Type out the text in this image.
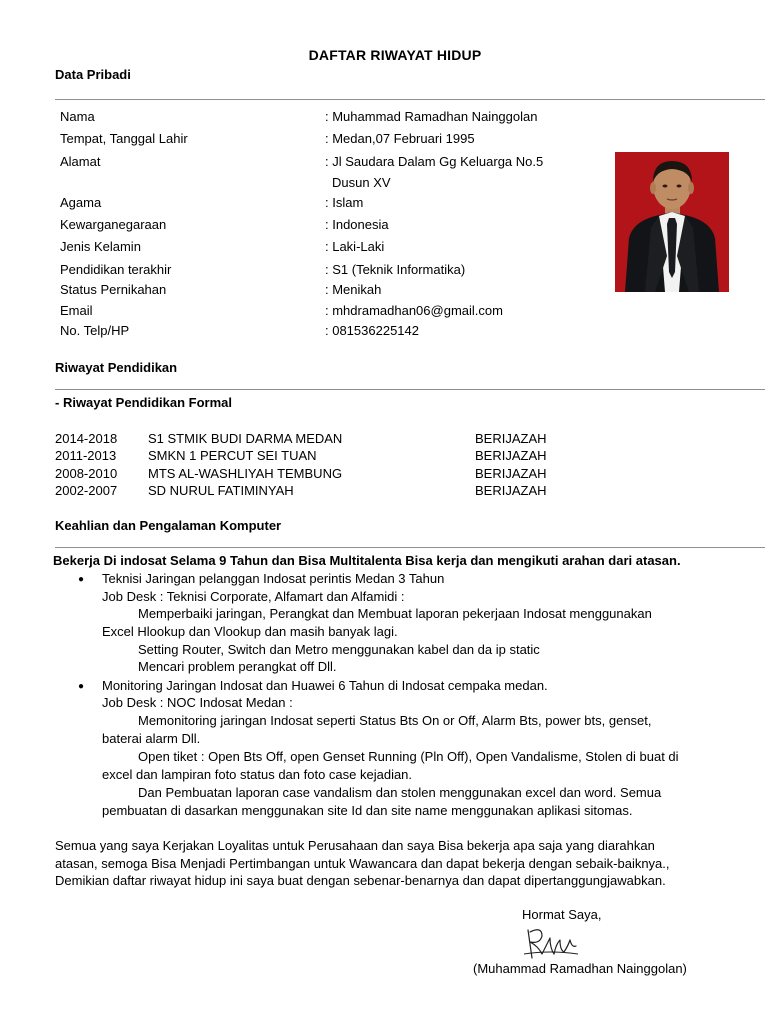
DAFTAR RIWAYAT HIDUP
Data Pribadi
Nama	: Muhammad Ramadhan Nainggolan
Tempat, Tanggal Lahir	: Medan,07 Februari 1995
Alamat	: Jl Saudara Dalam Gg Keluarga No.5
Dusun XV
Agama	: Islam
Kewarganegaraan	: Indonesia
Jenis Kelamin	: Laki-Laki
Pendidikan terakhir	: S1 (Teknik Informatika)
Status Pernikahan	: Menikah
Email	: mhdramadhan06@gmail.com
No. Telp/HP	: 081536225142
Riwayat Pendidikan
- Riwayat Pendidikan Formal
2014-2018 S1 STMIK BUDI DARMA MEDAN	BERIJAZAH
2011-2013 SMKN 1 PERCUT SEI TUAN	BERIJAZAH
2008-2010 MTS AL-WASHLIYAH TEMBUNG	BERIJAZAH
2002-2007 SD NURUL FATIMINYAH	BERIJAZAH
Keahlian dan Pengalaman Komputer
Bekerja Di indosat Selama 9 Tahun dan Bisa Multitalenta Bisa kerja dan mengikuti arahan dari atasan.
● Teknisi Jaringan pelanggan Indosat perintis Medan 3 Tahun
Job Desk : Teknisi Corporate, Alfamart dan Alfamidi :
Memperbaiki jaringan, Perangkat dan Membuat laporan pekerjaan Indosat menggunakan
Excel Hlookup dan Vlookup dan masih banyak lagi.
Setting Router, Switch dan Metro menggunakan kabel dan da ip static
Mencari problem perangkat off Dll.
● Monitoring Jaringan Indosat dan Huawei 6 Tahun di Indosat cempaka medan.
Job Desk : NOC Indosat Medan :
Memonitoring jaringan Indosat seperti Status Bts On or Off, Alarm Bts, power bts, genset,
baterai alarm Dll.
Open tiket : Open Bts Off, open Genset Running (Pln Off), Open Vandalisme, Stolen di buat di
excel dan lampiran foto status dan foto case kejadian.
Dan Pembuatan laporan case vandalism dan stolen menggunakan excel dan word. Semua
pembuatan di dasarkan menggunakan site Id dan site name menggunakan aplikasi sitomas.
Semua yang saya Kerjakan Loyalitas untuk Perusahaan dan saya Bisa bekerja apa saja yang diarahkan
atasan, semoga Bisa Menjadi Pertimbangan untuk Wawancara dan dapat bekerja dengan sebaik-baiknya.,
Demikian daftar riwayat hidup ini saya buat dengan sebenar-benarnya dan dapat dipertanggungjawabkan.
Hormat Saya,
(Muhammad Ramadhan Nainggolan)
